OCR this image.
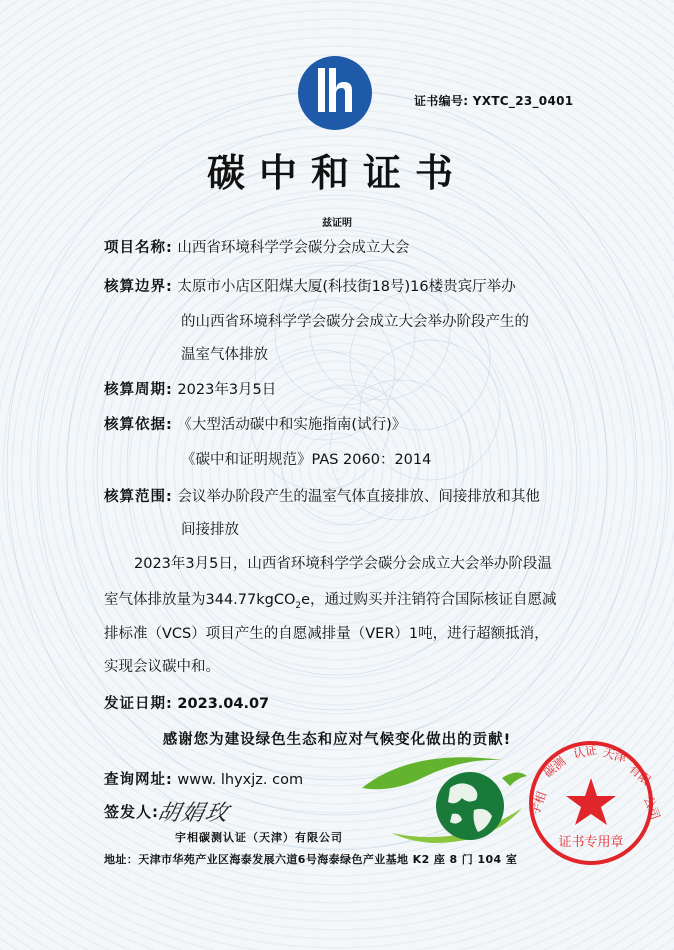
证书编号: YXTC_23_0401
碳中和证书
兹证明
项目名称: 山西省环境科学学会碳分会成立大会
核算边界: 太原市小店区阳煤大厦(科技街18号)16楼贵宾厅举办
的山西省环境科学学会碳分会成立大会举办阶段产生的
温室气体排放
核算周期: 2023年3月5日
核算依据: 《大型活动碳中和实施指南(试行)》
《碳中和证明规范》PAS 2060：2014
核算范围: 会议举办阶段产生的温室气体直接排放、间接排放和其他
间接排放
2023年3月5日，山西省环境科学学会碳分会成立大会举办阶段温
室气体排放量为344.77kgCO$_2$e，通过购买并注销符合国际核证自愿减
排标准（VCS）项目产生的自愿减排量（VER）1吨，进行超额抵消，
实现会议碳中和。
发证日期: 2023.04.07
感谢您为建设绿色生态和应对气候变化做出的贡献!
查询网址: www. lhyxjz. com
签发人:
胡娟玫
证书专用章
宇相
碳测
认证 天津
有限
公司
宇相碳测认证（天津）有限公司
地址：天津市华苑产业区海泰发展六道6号海泰绿色产业基地 K2 座 8 门 104 室
